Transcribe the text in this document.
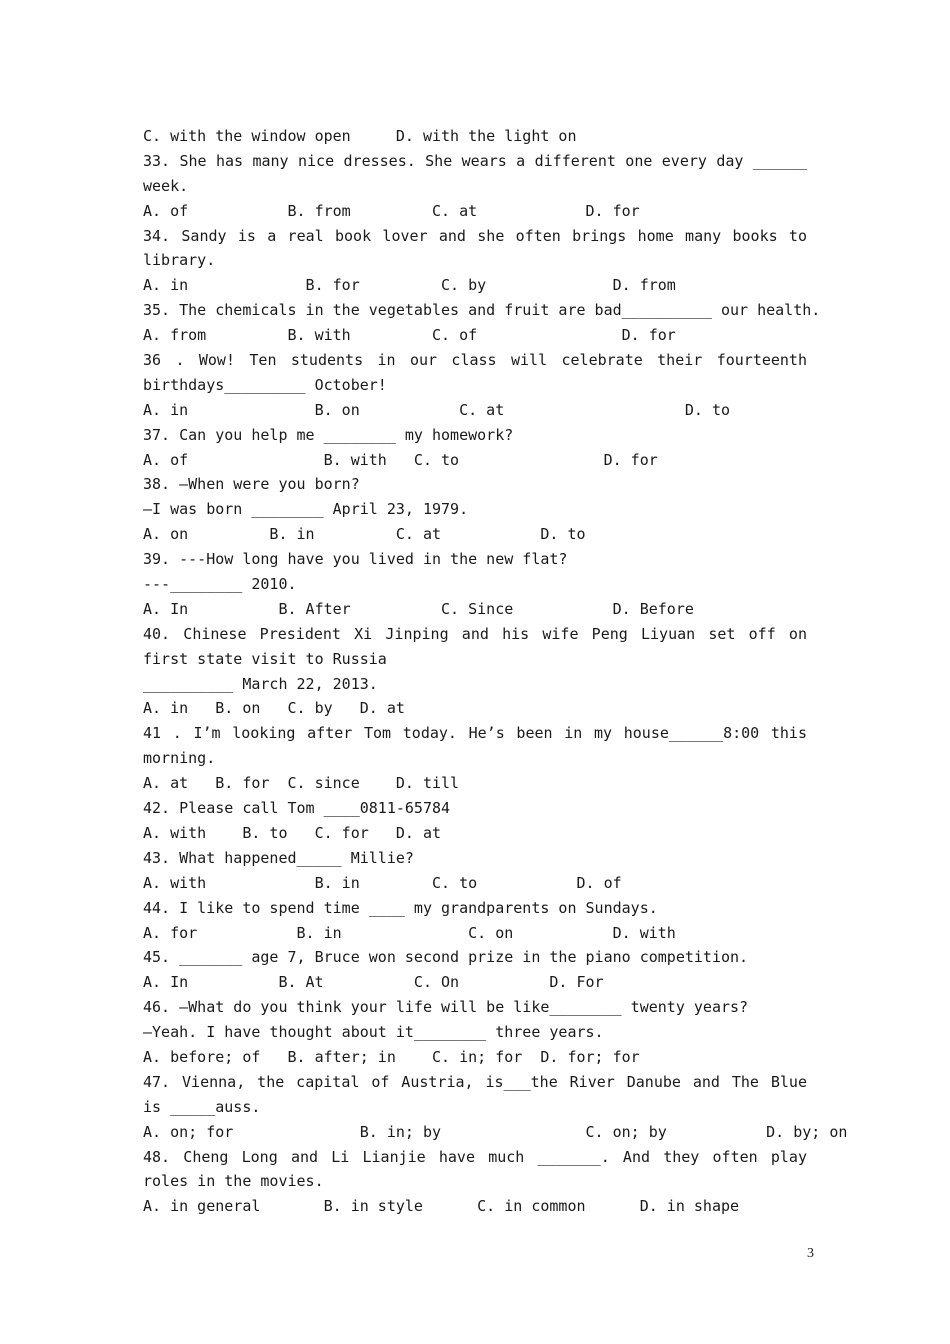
C. with the window open     D. with the light on
33. She has many nice dresses. She wears a different one every day ______
week.
A. of           B. from         C. at            D. for
34. Sandy is a real book lover and she often brings home many books to
library.
A. in             B. for         C. by              D. from
35. The chemicals in the vegetables and fruit are bad__________ our health.
A. from         B. with         C. of                D. for
36 . Wow! Ten students in our class will celebrate their fourteenth
birthdays_________ October!
A. in              B. on           C. at                    D. to
37. Can you help me ________ my homework?
A. of               B. with   C. to                D. for
38. —When were you born?
—I was born ________ April 23, 1979.
A. on         B. in         C. at           D. to
39. ---How long have you lived in the new flat?
---________ 2010.
A. In          B. After          C. Since           D. Before
40. Chinese President Xi Jinping and his wife Peng Liyuan set off on
first state visit to Russia
__________ March 22, 2013.
A. in   B. on   C. by   D. at
41 . I’m looking after Tom today. He’s been in my house______8:00 this
morning.
A. at   B. for  C. since    D. till
42. Please call Tom ____0811-65784
A. with    B. to   C. for   D. at
43. What happened_____ Millie?
A. with            B. in        C. to           D. of
44. I like to spend time ____ my grandparents on Sundays.
A. for           B. in              C. on           D. with
45. _______ age 7, Bruce won second prize in the piano competition.
A. In          B. At          C. On          D. For
46. —What do you think your life will be like________ twenty years?
—Yeah. I have thought about it________ three years.
A. before; of   B. after; in    C. in; for  D. for; for
47. Vienna, the capital of Austria, is___the River Danube and The Blue
is _____auss.
A. on; for              B. in; by                C. on; by           D. by; on
48. Cheng Long and Li Lianjie have much _______. And they often play
roles in the movies.
A. in general       B. in style      C. in common      D. in shape
3
